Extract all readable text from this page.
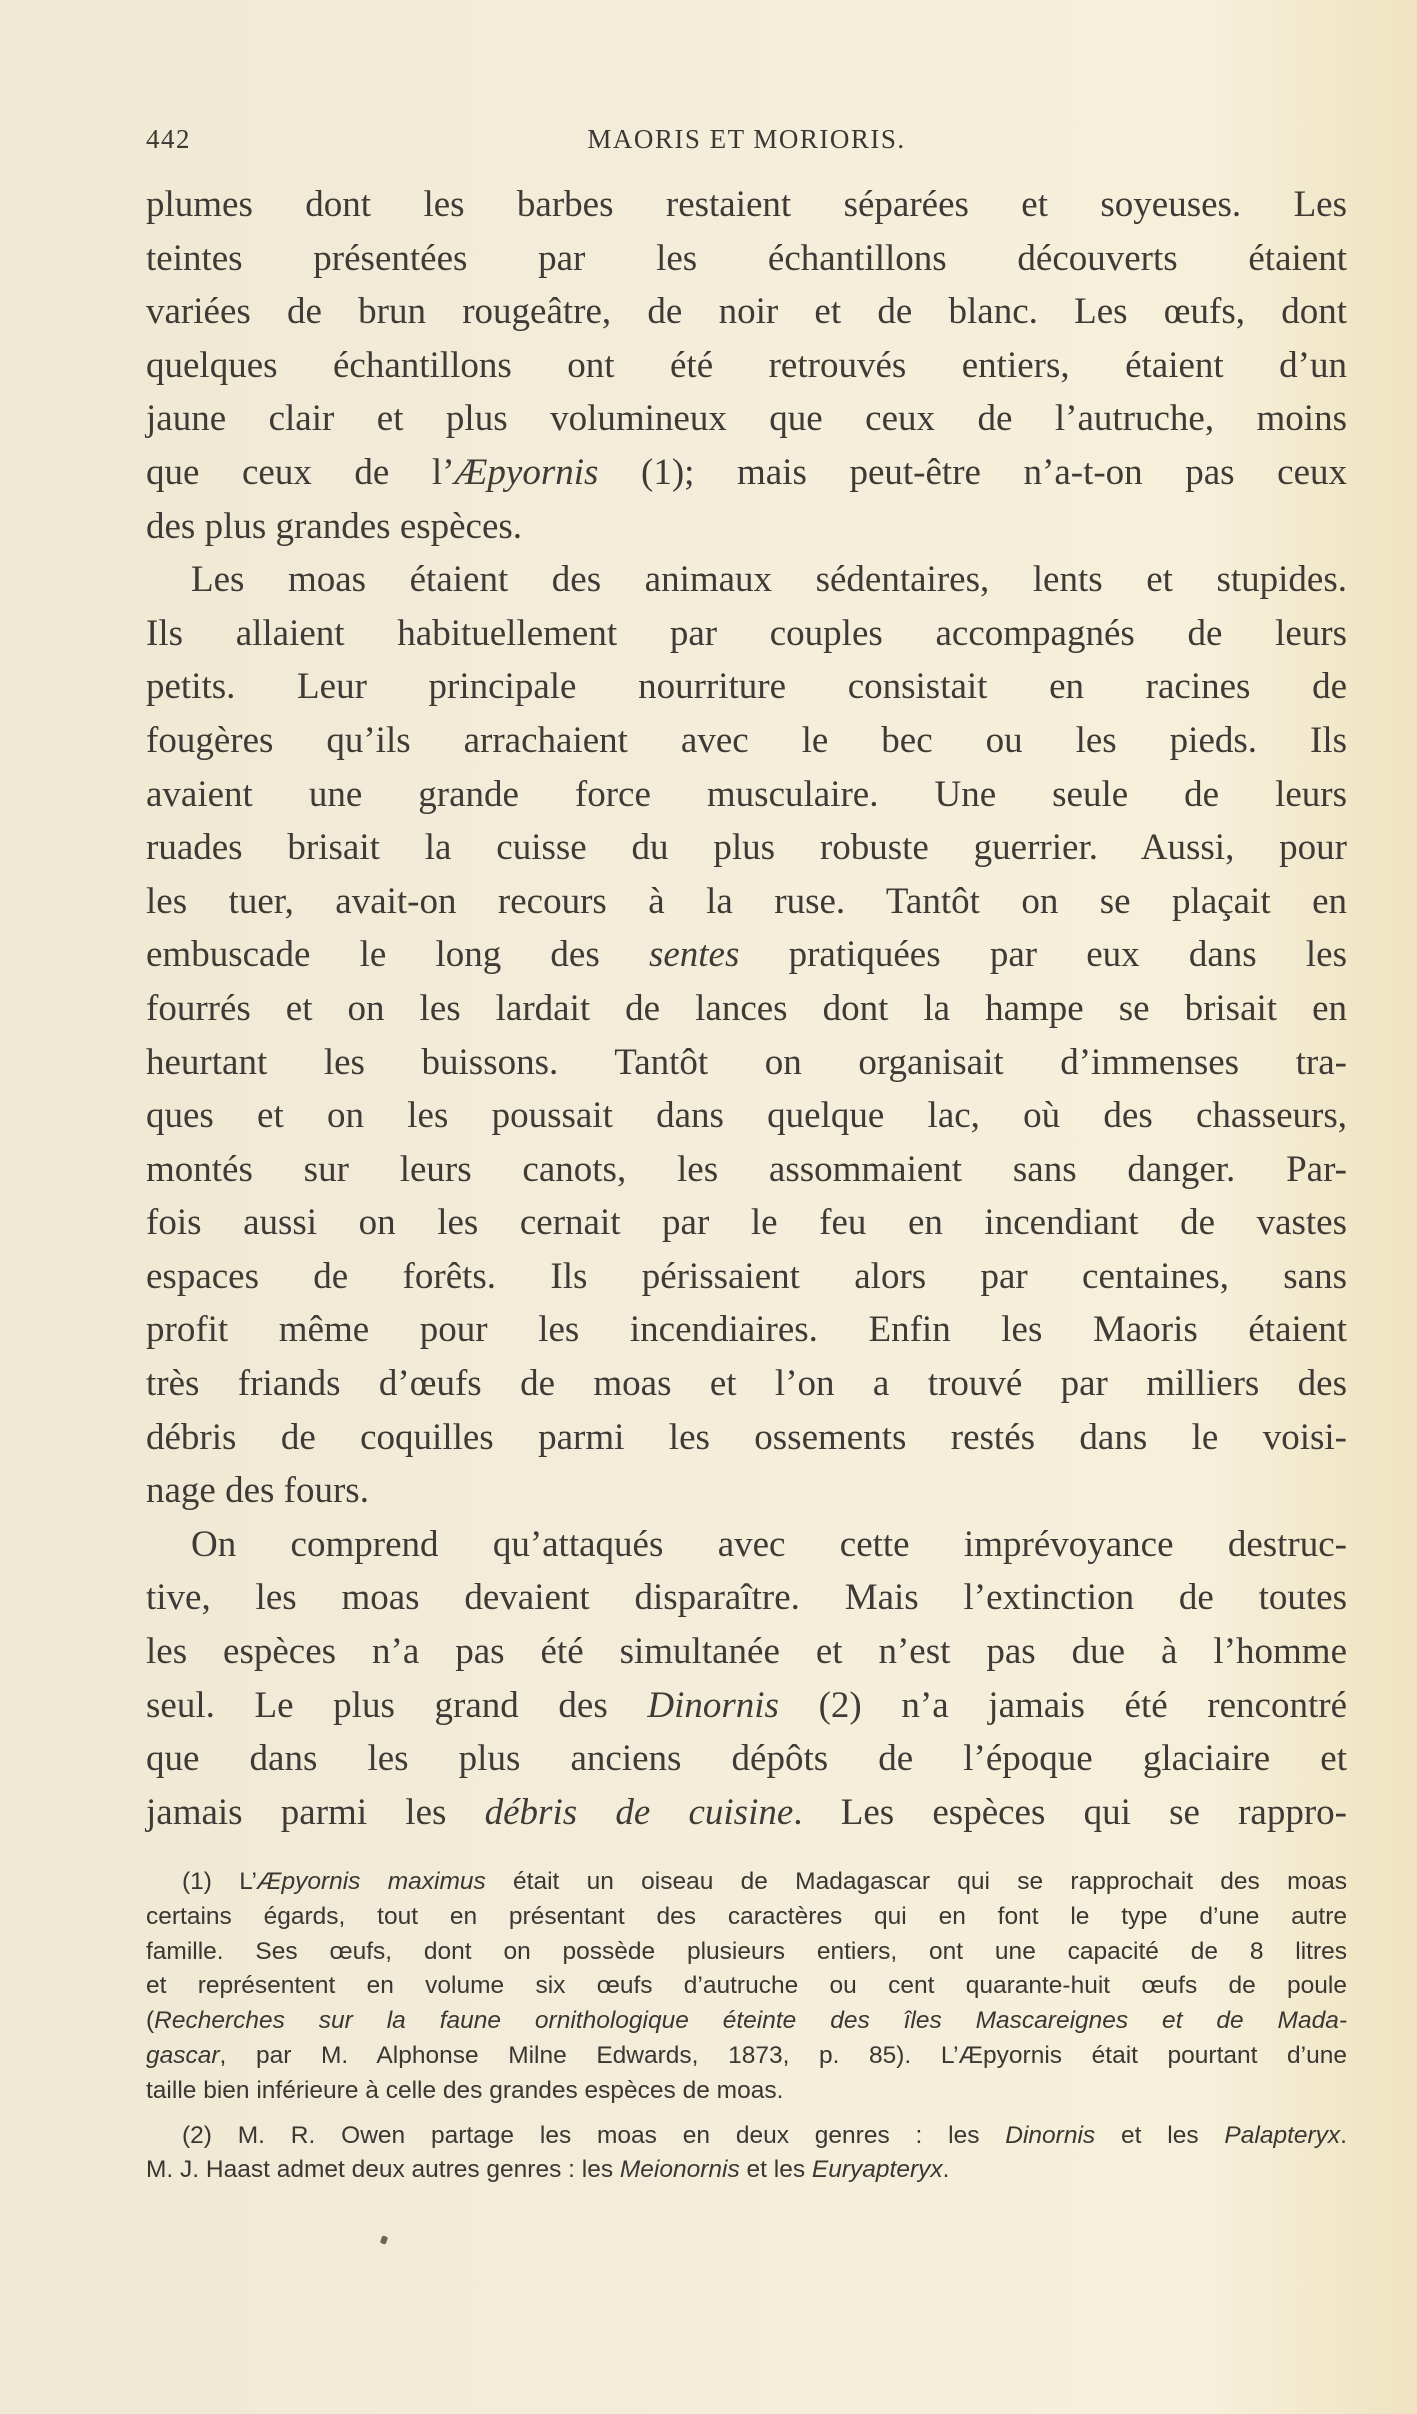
442	MAORIS ET MORIORIS.
plumes dont les barbes restaient séparées et soyeuses. Les
teintes présentées par les échantillons découverts étaient
variées de brun rougeâtre, de noir et de blanc. Les œufs, dont
quelques échantillons ont été retrouvés entiers, étaient d’un
jaune clair et plus volumineux que ceux de l’autruche, moins
que ceux de l’Æpyornis (1); mais peut-être n’a-t-on pas ceux
des plus grandes espèces.
Les moas étaient des animaux sédentaires, lents et stupides.
Ils allaient habituellement par couples accompagnés de leurs
petits. Leur principale nourriture consistait en racines de
fougères qu’ils arrachaient avec le bec ou les pieds. Ils
avaient une grande force musculaire. Une seule de leurs
ruades brisait la cuisse du plus robuste guerrier. Aussi, pour
les tuer, avait-on recours à la ruse. Tantôt on se plaçait en
embuscade le long des sentes pratiquées par eux dans les
fourrés et on les lardait de lances dont la hampe se brisait en
heurtant les buissons. Tantôt on organisait d’immenses tra-
ques et on les poussait dans quelque lac, où des chasseurs,
montés sur leurs canots, les assommaient sans danger. Par-
fois aussi on les cernait par le feu en incendiant de vastes
espaces de forêts. Ils périssaient alors par centaines, sans
profit même pour les incendiaires. Enfin les Maoris étaient
très friands d’œufs de moas et l’on a trouvé par milliers des
débris de coquilles parmi les ossements restés dans le voisi-
nage des fours.
On comprend qu’attaqués avec cette imprévoyance destruc-
tive, les moas devaient disparaître. Mais l’extinction de toutes
les espèces n’a pas été simultanée et n’est pas due à l’homme
seul. Le plus grand des Dinornis (2) n’a jamais été rencontré
que dans les plus anciens dépôts de l’époque glaciaire et
jamais parmi les débris de cuisine. Les espèces qui se rappro-
(1) L’Æpyornis maximus était un oiseau de Madagascar qui se rapprochait des moas
certains égards, tout en présentant des caractères qui en font le type d’une autre
famille. Ses œufs, dont on possède plusieurs entiers, ont une capacité de 8 litres
et représentent en volume six œufs d’autruche ou cent quarante-huit œufs de poule
(Recherches sur la faune ornithologique éteinte des îles Mascareignes et de Mada-
gascar, par M. Alphonse Milne Edwards, 1873, p. 85). L’Æpyornis était pourtant d’une
taille bien inférieure à celle des grandes espèces de moas.
(2) M. R. Owen partage les moas en deux genres : les Dinornis et les Palapteryx.
M. J. Haast admet deux autres genres : les Meionornis et les Euryapteryx.
